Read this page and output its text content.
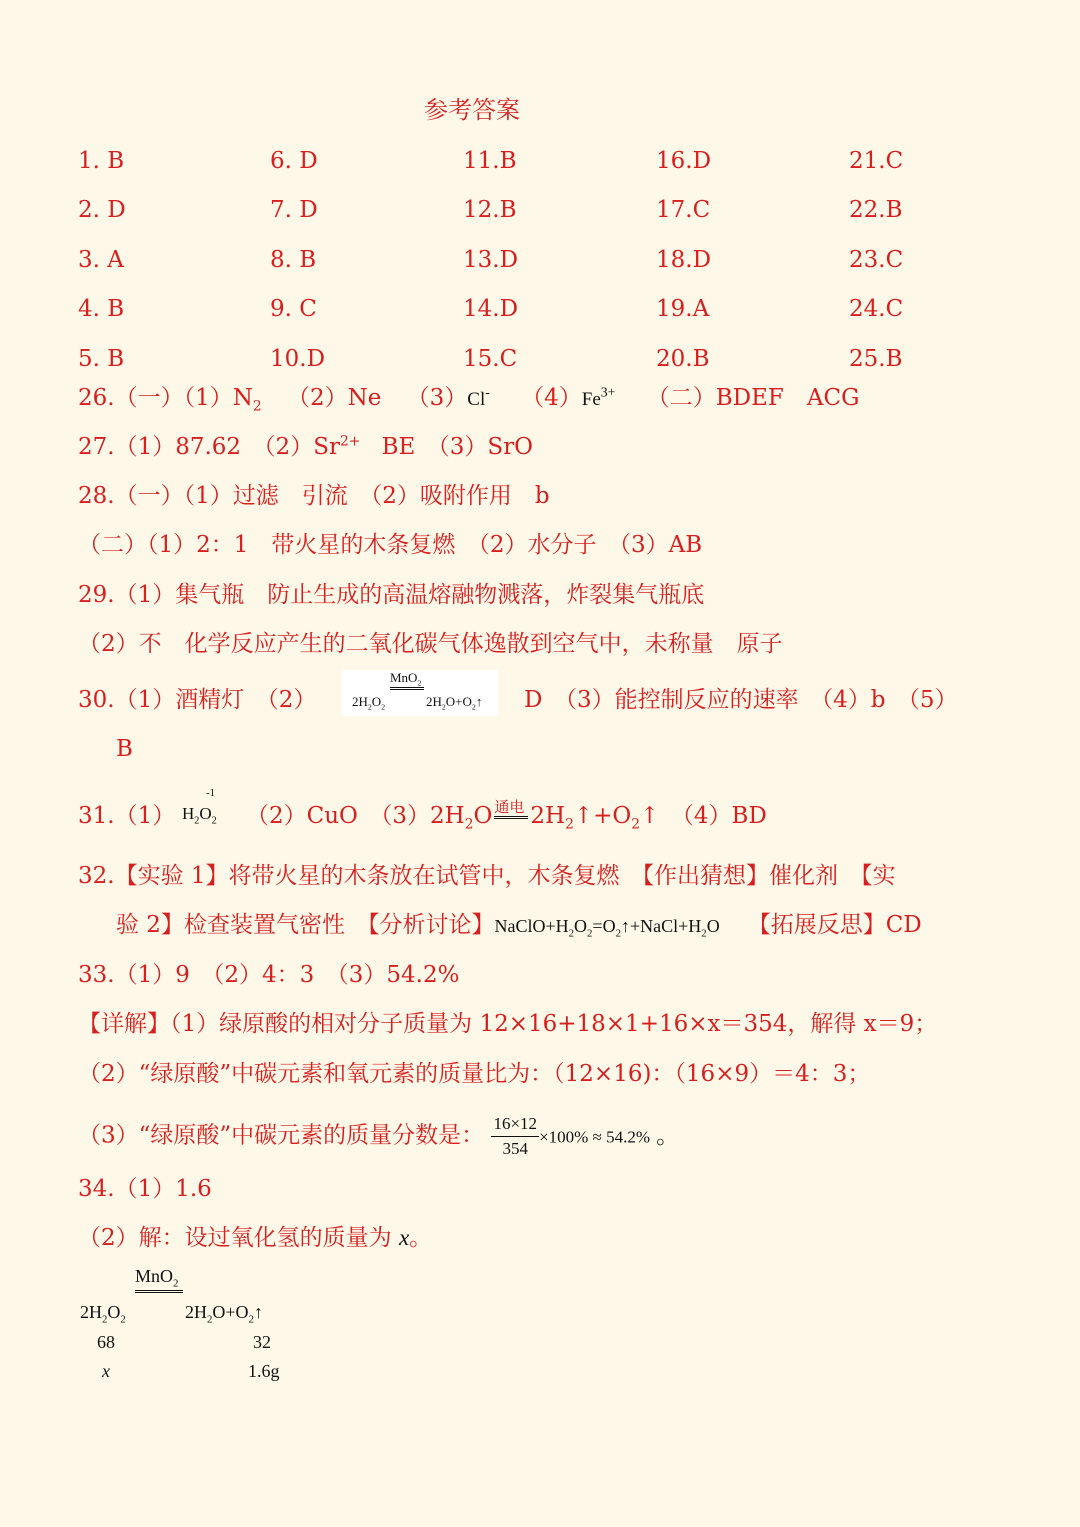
参考答案
1. B	6. D	11.B	16.D	21.C
2. D	7. D	12.B	17.C	22.B
3. A	8. B	13.D	18.D	23.C
4. B	9. C	14.D	19.A	24.C
5. B	10.D	15.C	20.B	25.B
26.（一）$(1)N_2$ （2）Ne （3）Cl- $(4)Fe^{3+}$ （二）BDEF　ACG
27.（1）87.62　$(2)Sr^{2+}$ BE　（3）SrO
28.（一）（1）过滤　引流　（2）吸附作用　b
（二）（1）2：1　带火星的木条复燃　（2）水分子　（3）AB
29.（1）集气瓶　防止生成的高温熔融物溅落，炸裂集气瓶底
（2）不　化学反应产生的二氧化碳气体逸散到空气中，未称量　原子
30.（1）酒精灯　（2）
MnO$_2$
$2H_2O_2$	$2H_2O+O_2↑$ D　（3）能控制反应的速率　（4）b　（5）
B
31.（1）
-1
$H_2O_2$ （2）CuO　$(3)2H_2O$ 通电 $2H_2↑+O_2↑$　（4）BD
32.【实验 1】将带火星的木条放在试管中，木条复燃　【作出猜想】催化剂　【实
验 2】检查装置气密性　【分析讨论】$NaClO+H_2O_2=O_2↑+NaCl+H_2O$ 【拓展反思】CD
33.（1）9　（2）4：3　（3）54.2%
【详解】（1）绿原酸的相对分子质量为 12×16+18×1+16×x＝354，解得 x＝9；
（2）“绿原酸”中碳元素和氧元素的质量比为：（12×16)：（16×9）＝4：3；
（3）“绿原酸”中碳元素的质量分数是： $\frac{16\times 12}{354} \times 100\% \approx 54.2\%$ 。
34.（1）1.6
（2）解：设过氧化氢的质量为 x。
MnO$_2$
$2H_2O_2$	$2H_2O+O_2↑$
68	32
x	1.6g
